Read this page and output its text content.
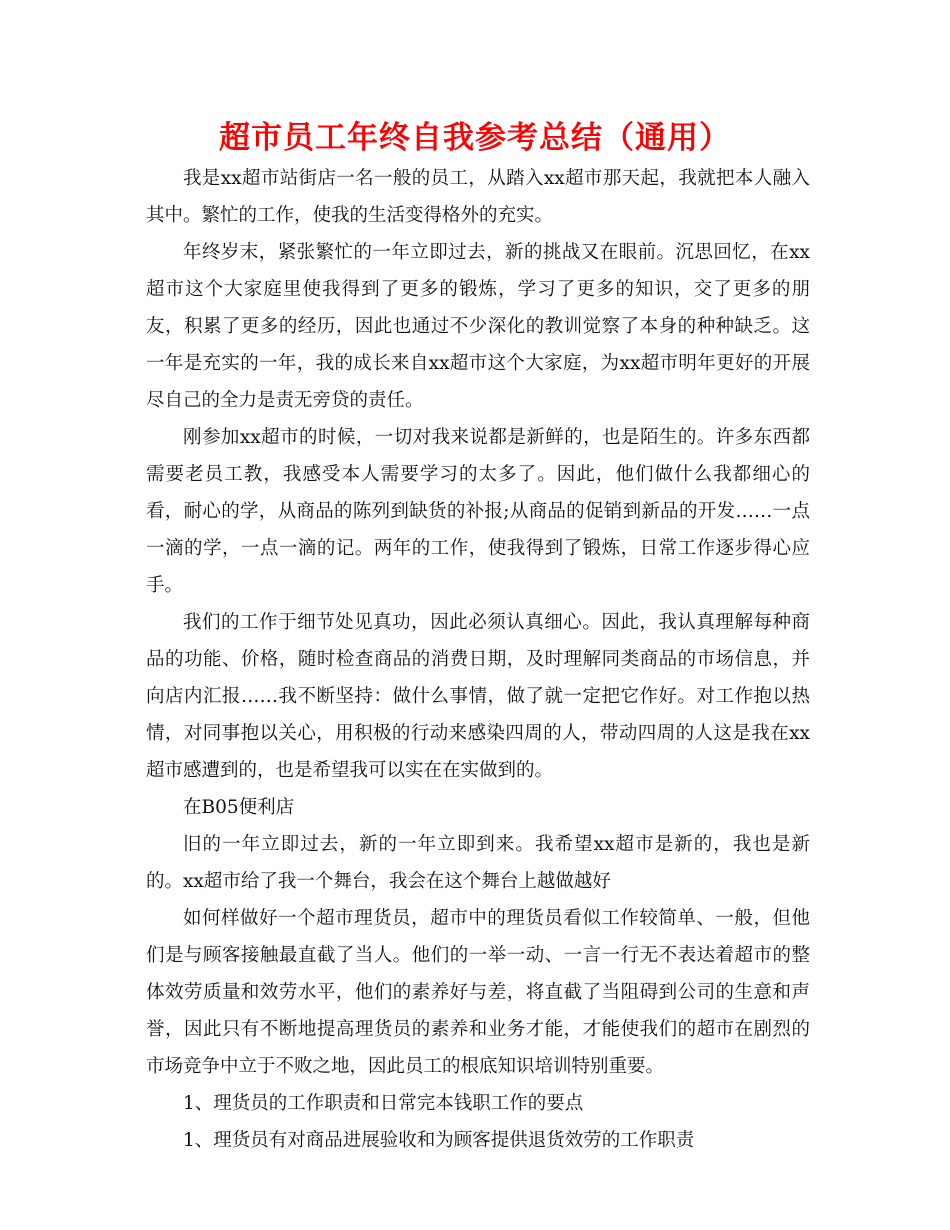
超市员工年终自我参考总结（通用）

我是xx超市站街店一名一般的员工，从踏入xx超市那天起，我就把本人融入其中。繁忙的工作，使我的生活变得格外的充实。

年终岁末，紧张繁忙的一年立即过去，新的挑战又在眼前。沉思回忆，在xx超市这个大家庭里使我得到了更多的锻炼，学习了更多的知识，交了更多的朋友，积累了更多的经历，因此也通过不少深化的教训觉察了本身的种种缺乏。这一年是充实的一年，我的成长来自xx超市这个大家庭，为xx超市明年更好的开展尽自己的全力是责无旁贷的责任。

刚参加xx超市的时候，一切对我来说都是新鲜的，也是陌生的。许多东西都需要老员工教，我感受本人需要学习的太多了。因此，他们做什么我都细心的看，耐心的学，从商品的陈列到缺货的补报;从商品的促销到新品的开发……一点一滴的学，一点一滴的记。两年的工作，使我得到了锻炼，日常工作逐步得心应手。

我们的工作于细节处见真功，因此必须认真细心。因此，我认真理解每种商品的功能、价格，随时检查商品的消费日期，及时理解同类商品的市场信息，并向店内汇报……我不断坚持：做什么事情，做了就一定把它作好。对工作抱以热情，对同事抱以关心，用积极的行动来感染四周的人，带动四周的人这是我在xx超市感遭到的，也是希望我可以实在在实做到的。

在B05便利店

旧的一年立即过去，新的一年立即到来。我希望xx超市是新的，我也是新的。xx超市给了我一个舞台，我会在这个舞台上越做越好

如何样做好一个超市理货员，超市中的理货员看似工作较简单、一般，但他们是与顾客接触最直截了当人。他们的一举一动、一言一行无不表达着超市的整体效劳质量和效劳水平，他们的素养好与差，将直截了当阻碍到公司的生意和声誉，因此只有不断地提高理货员的素养和业务才能，才能使我们的超市在剧烈的市场竞争中立于不败之地，因此员工的根底知识培训特别重要。

1、理货员的工作职责和日常完本钱职工作的要点

1、理货员有对商品进展验收和为顾客提供退货效劳的工作职责
